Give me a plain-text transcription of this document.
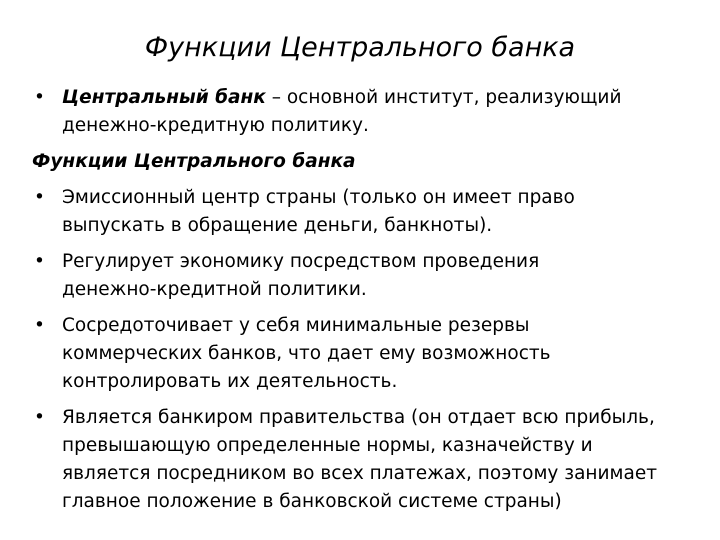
Функции Центрального банка
• Центральный банк – основной институт, реализующий
денежно-кредитную политику.
Функции Центрального банка
• Эмиссионный центр страны (только он имеет право
выпускать в обращение деньги, банкноты).
• Регулирует экономику посредством проведения
денежно-кредитной политики.
• Сосредоточивает у себя минимальные резервы
коммерческих банков, что дает ему возможность
контролировать их деятельность.
• Является банкиром правительства (он отдает всю прибыль,
превышающую определенные нормы, казначейству и
является посредником во всех платежах, поэтому занимает
главное положение в банковской системе страны)
